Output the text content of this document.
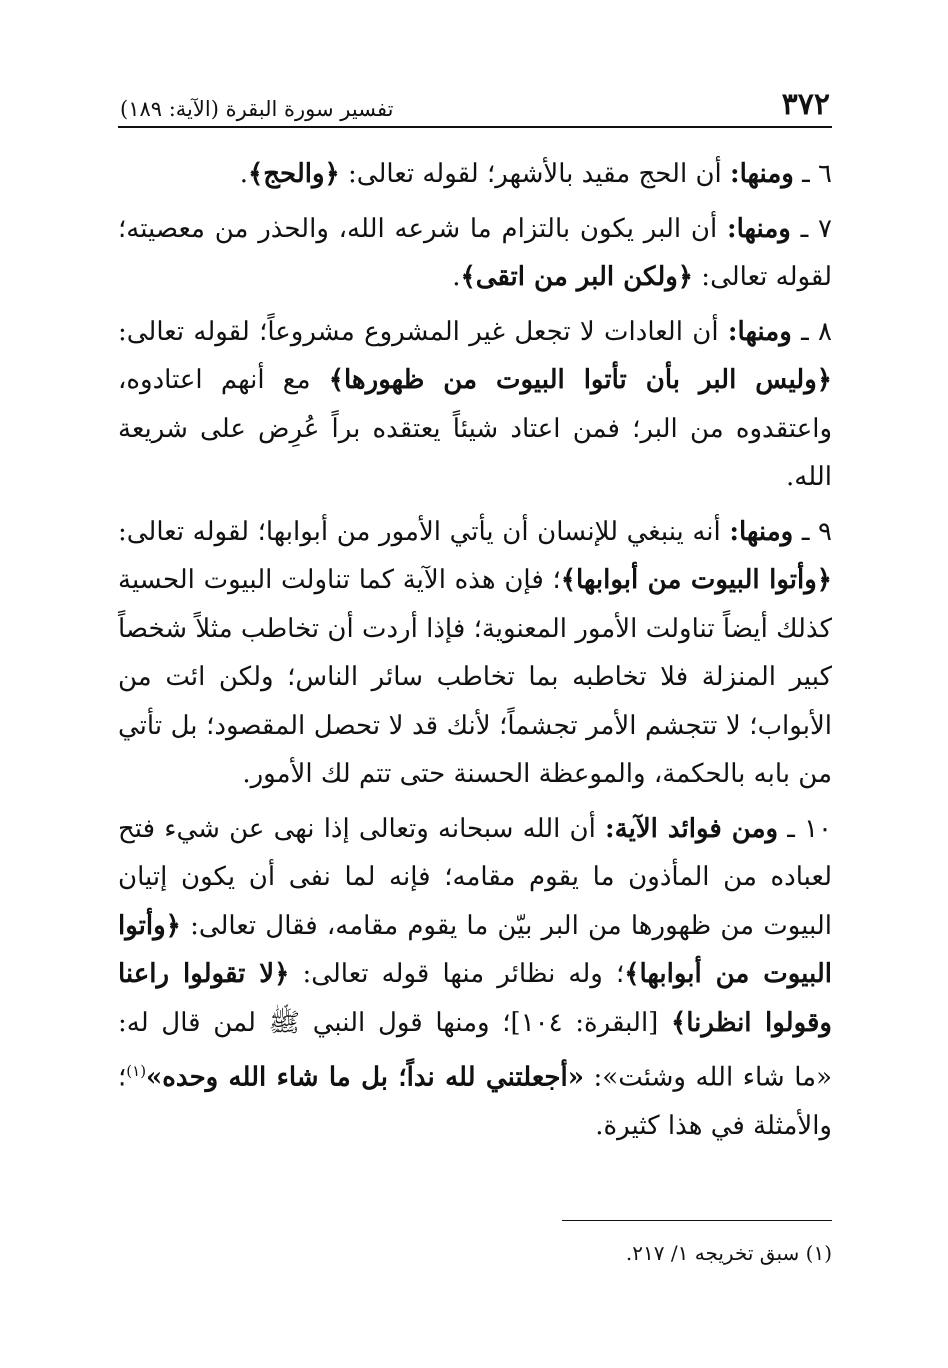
٣٧٢
تفسير سورة البقرة (الآية: ١٨٩)

٦ ـ ومنها: أن الحج مقيد بالأشهر؛ لقوله تعالى: ﴿والحج﴾.

٧ ـ ومنها: أن البر يكون بالتزام ما شرعه الله، والحذر من معصيته؛ لقوله تعالى: ﴿ولكن البر من اتقى﴾.

٨ ـ ومنها: أن العادات لا تجعل غير المشروع مشروعاً؛ لقوله تعالى: ﴿وليس البر بأن تأتوا البيوت من ظهورها﴾ مع أنهم اعتادوه، واعتقدوه من البر؛ فمن اعتاد شيئاً يعتقده براً عُرِض على شريعة الله.

٩ ـ ومنها: أنه ينبغي للإنسان أن يأتي الأمور من أبوابها؛ لقوله تعالى: ﴿وأتوا البيوت من أبوابها﴾؛ فإن هذه الآية كما تناولت البيوت الحسية كذلك أيضاً تناولت الأمور المعنوية؛ فإذا أردت أن تخاطب مثلاً شخصاً كبير المنزلة فلا تخاطبه بما تخاطب سائر الناس؛ ولكن ائت من الأبواب؛ لا تتجشم الأمر تجشماً؛ لأنك قد لا تحصل المقصود؛ بل تأتي من بابه بالحكمة، والموعظة الحسنة حتى تتم لك الأمور.

١٠ ـ ومن فوائد الآية: أن الله سبحانه وتعالى إذا نهى عن شيء فتح لعباده من المأذون ما يقوم مقامه؛ فإنه لما نفى أن يكون إتيان البيوت من ظهورها من البر بيّن ما يقوم مقامه، فقال تعالى: ﴿وأتوا البيوت من أبوابها﴾؛ وله نظائر منها قوله تعالى: ﴿لا تقولوا راعنا وقولوا انظرنا﴾ [البقرة: ١٠٤]؛ ومنها قول النبي ﷺ لمن قال له: «ما شاء الله وشئت»: «أجعلتني لله نداً؛ بل ما شاء الله وحده»$^{(١)}$؛ والأمثلة في هذا كثيرة.

(١) سبق تخريجه ١/ ٢١٧.
